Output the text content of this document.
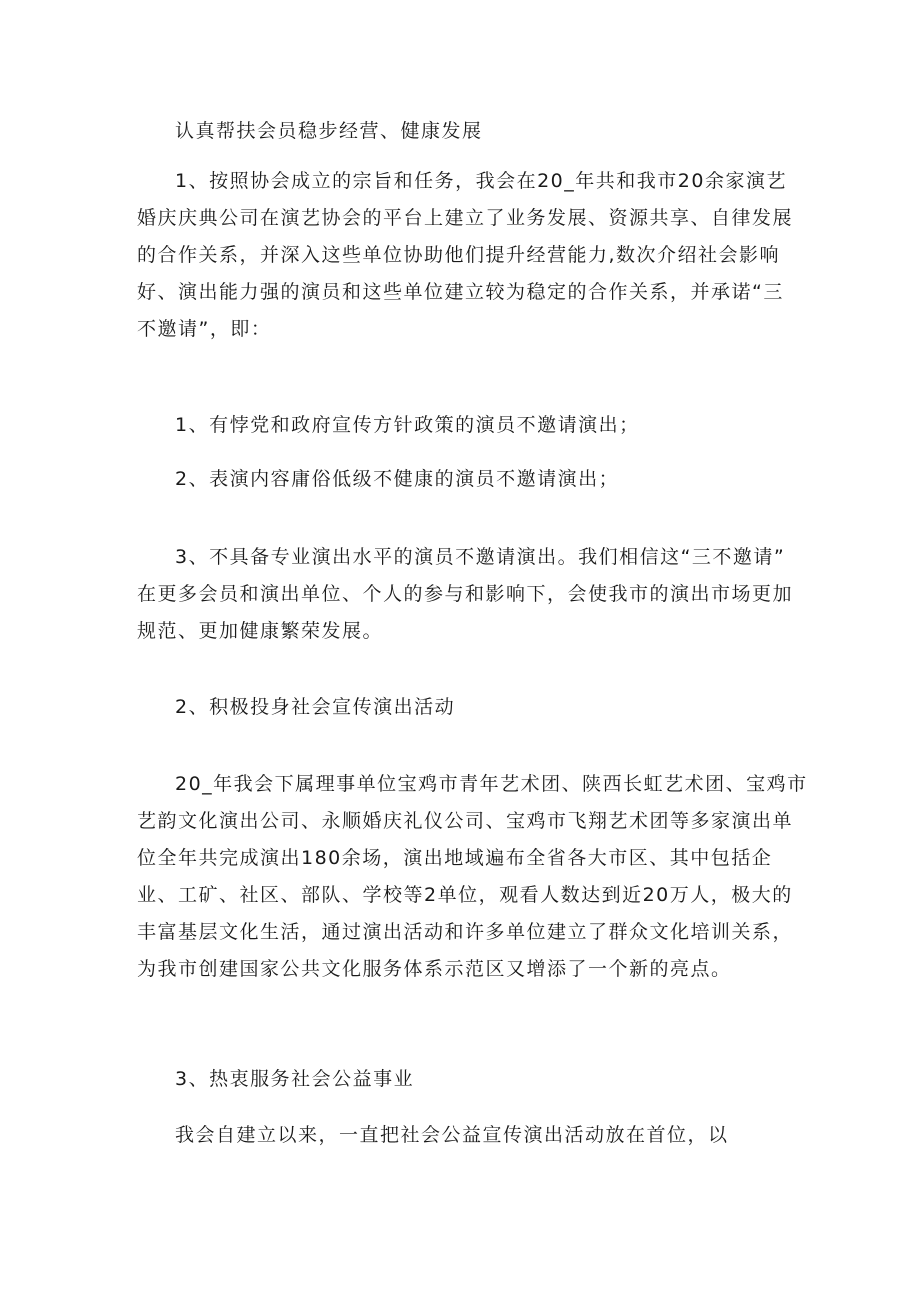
认真帮扶会员稳步经营、健康发展

1、按照协会成立的宗旨和任务，我会在20_年共和我市20余家演艺
婚庆庆典公司在演艺协会的平台上建立了业务发展、资源共享、自律发展
的合作关系，并深入这些单位协助他们提升经营能力,数次介绍社会影响
好、演出能力强的演员和这些单位建立较为稳定的合作关系，并承诺“三
不邀请”，即：

1、有悖党和政府宣传方针政策的演员不邀请演出；

2、表演内容庸俗低级不健康的演员不邀请演出；

3、不具备专业演出水平的演员不邀请演出。我们相信这“三不邀请”
在更多会员和演出单位、个人的参与和影响下，会使我市的演出市场更加
规范、更加健康繁荣发展。

2、积极投身社会宣传演出活动

20_年我会下属理事单位宝鸡市青年艺术团、陕西长虹艺术团、宝鸡市
艺韵文化演出公司、永顺婚庆礼仪公司、宝鸡市飞翔艺术团等多家演出单
位全年共完成演出180余场，演出地域遍布全省各大市区、其中包括企
业、工矿、社区、部队、学校等2单位，观看人数达到近20万人，极大的
丰富基层文化生活，通过演出活动和许多单位建立了群众文化培训关系，
为我市创建国家公共文化服务体系示范区又增添了一个新的亮点。

3、热衷服务社会公益事业

我会自建立以来，一直把社会公益宣传演出活动放在首位，以
